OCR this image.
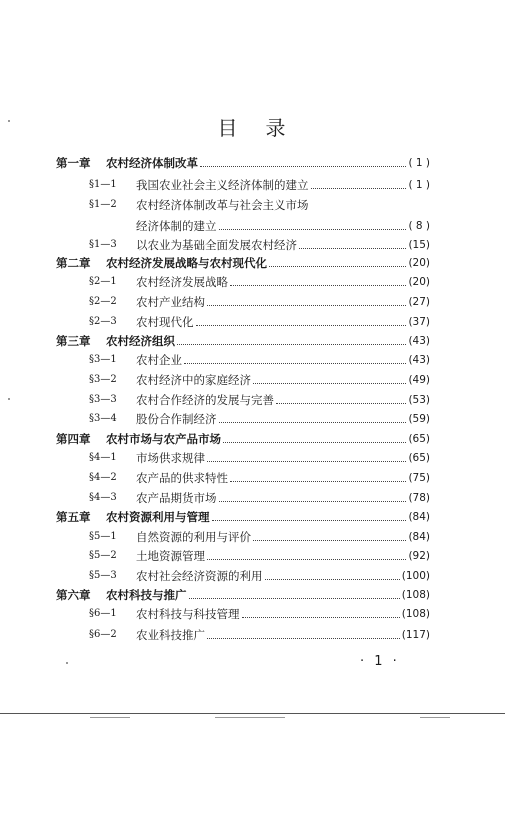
目 录
第一章	农村经济体制改革	( 1 )
§1—1	我国农业社会主义经济体制的建立	( 1 )
§1—2	农村经济体制改革与社会主义市场
经济体制的建立	( 8 )
§1—3	以农业为基础全面发展农村经济	(15)
第二章	农村经济发展战略与农村现代化	(20)
§2—1	农村经济发展战略	(20)
§2—2	农村产业结构	(27)
§2—3	农村现代化	(37)
第三章	农村经济组织	(43)
§3—1	农村企业	(43)
§3—2	农村经济中的家庭经济	(49)
§3—3	农村合作经济的发展与完善	(53)
§3—4	股份合作制经济	(59)
第四章	农村市场与农产品市场	(65)
§4—1	市场供求规律	(65)
§4—2	农产品的供求特性	(75)
§4—3	农产品期货市场	(78)
第五章	农村资源利用与管理	(84)
§5—1	自然资源的利用与评价	(84)
§5—2	土地资源管理	(92)
§5—3	农村社会经济资源的利用	(100)
第六章	农村科技与推广	(108)
§6—1	农村科技与科技管理	(108)
§6—2	农业科技推广	(117)
· 1 ·
